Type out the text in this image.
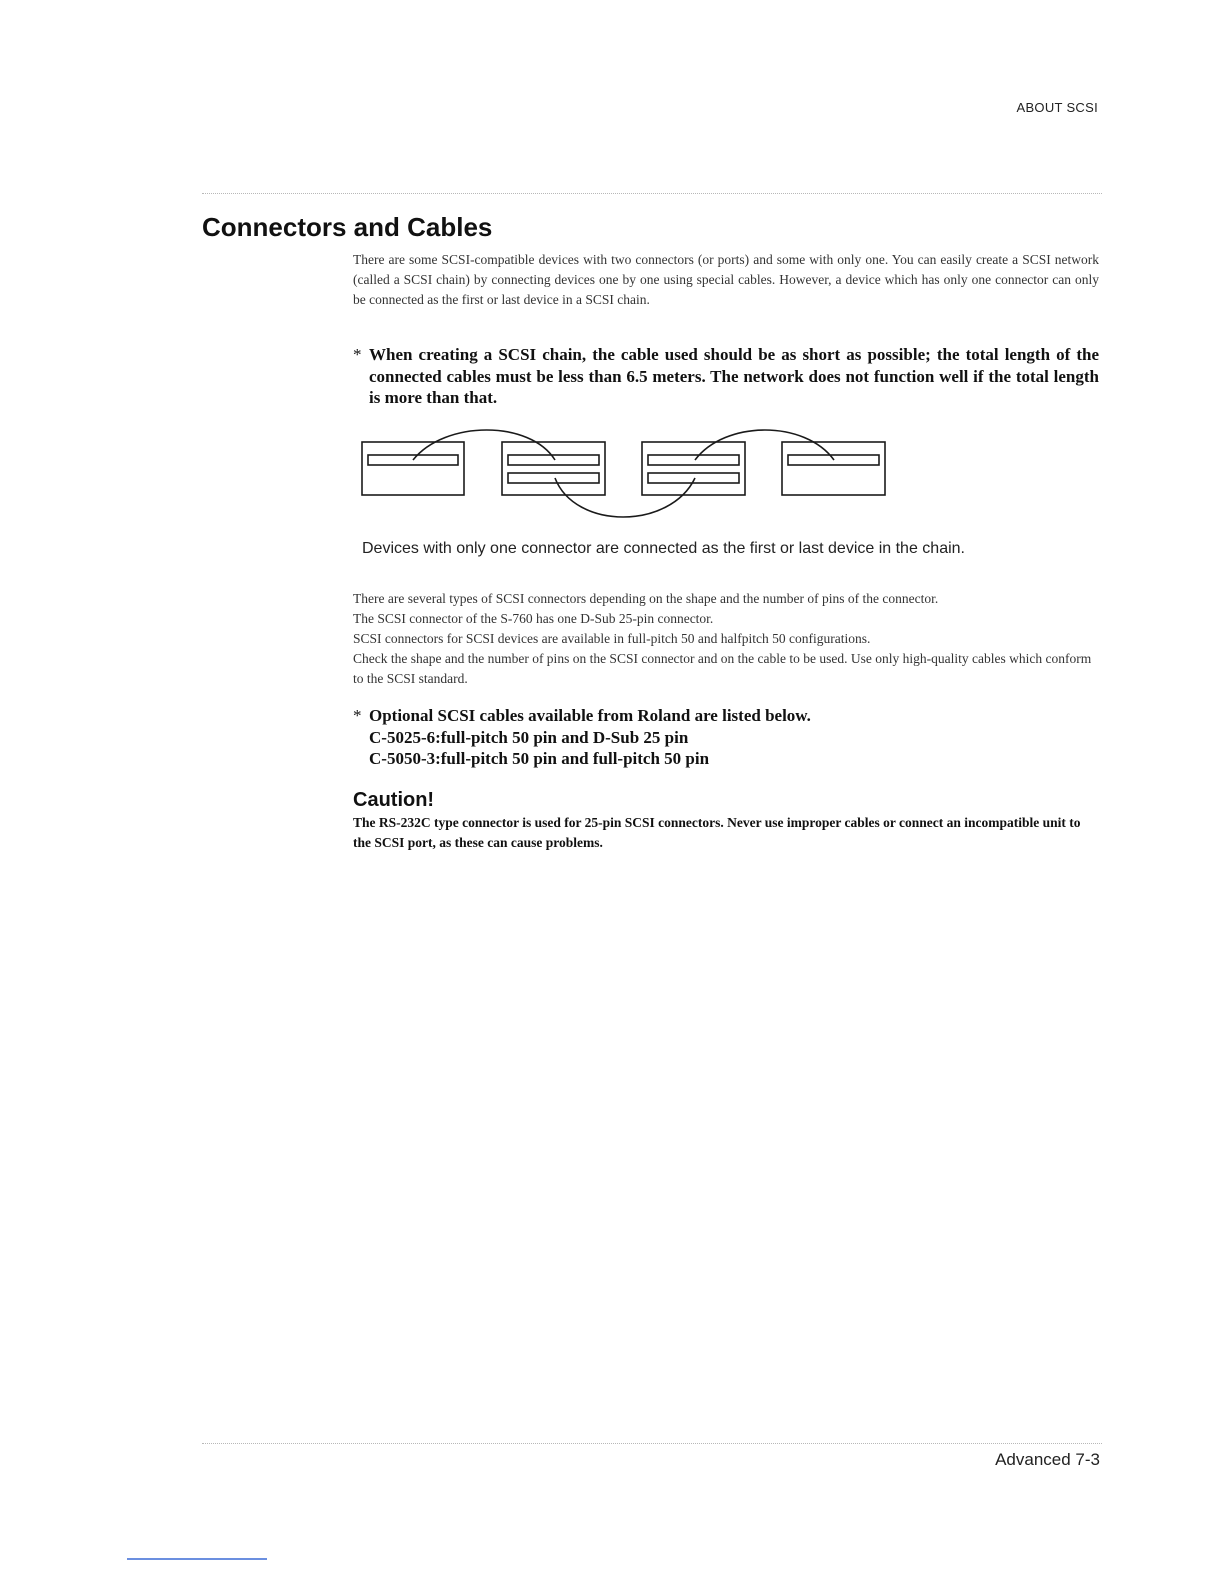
ABOUT SCSI
Connectors and Cables
There are some SCSI-compatible devices with two connectors (or ports) and some with only one. You can easily create a SCSI network (called a SCSI chain) by connecting devices one by one using special cables. However, a device which has only one connector can only be connected as the first or last device in a SCSI chain.
* When creating a SCSI chain, the cable used should be as short as possible; the total length of the connected cables must be less than 6.5 meters. The network does not function well if the total length is more than that.
Devices with only one connector are connected as the first or last device in the chain.

There are several types of SCSI connectors depending on the shape and the number of pins of the connector.

The SCSI connector of the S-760 has one D-Sub 25-pin connector.

SCSI connectors for SCSI devices are available in full-pitch 50 and halfpitch 50 configurations.

Check the shape and the number of pins on the SCSI connector and on the cable to be used. Use only high-quality cables which conform to the SCSI standard.

* Optional SCSI cables available from Roland are listed below.
C-5025-6:full-pitch 50 pin and D-Sub 25 pin
C-5050-3:full-pitch 50 pin and full-pitch 50 pin
Caution!
The RS-232C type connector is used for 25-pin SCSI connectors. Never use improper cables or connect an incompatible unit to the SCSI port, as these can cause problems.
Advanced 7-3
